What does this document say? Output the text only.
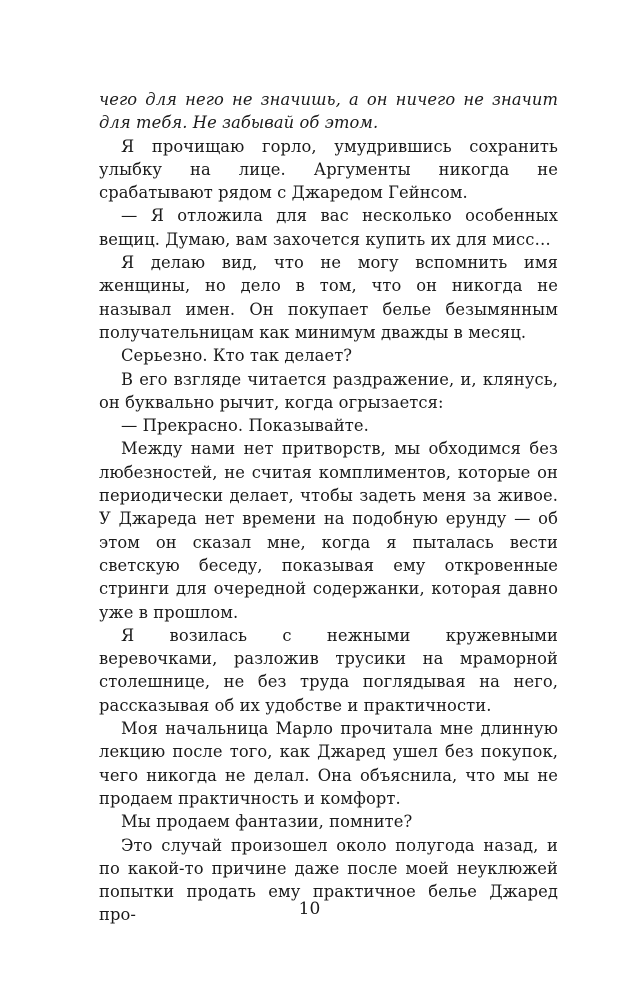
чего для него не значишь, а он ничего не значит для тебя. Не забывай об этом.

Я прочищаю горло, умудрившись сохранить улыбку на лице. Аргументы никогда не срабатывают рядом с Джаредом Гейнсом.

— Я отложила для вас несколько особенных вещиц. Думаю, вам захочется купить их для мисс…

Я делаю вид, что не могу вспомнить имя женщины, но дело в том, что он никогда не называл имен. Он покупает белье безымянным получательницам как минимум дважды в месяц.

Серьезно. Кто так делает?

В его взгляде читается раздражение, и, клянусь, он буквально рычит, когда огрызается:

— Прекрасно. Показывайте.

Между нами нет притворств, мы обходимся без любезностей, не считая комплиментов, которые он периодически делает, чтобы задеть меня за живое. У Джареда нет времени на подобную ерунду — об этом он сказал мне, когда я пыталась вести светскую беседу, показывая ему откровенные стринги для очередной содержанки, которая давно уже в прошлом.

Я возилась с нежными кружевными веревочками, разложив трусики на мраморной столешнице, не без труда поглядывая на него, рассказывая об их удобстве и практичности.

Моя начальница Марло прочитала мне длинную лекцию после того, как Джаред ушел без покупок, чего никогда не делал. Она объяснила, что мы не продаем практичность и комфорт.

Мы продаем фантазии, помните?

Это случай произошел около полугода назад, и по какой-то причине даже после моей неуклюжей попытки продать ему практичное белье Джаред про-	10
